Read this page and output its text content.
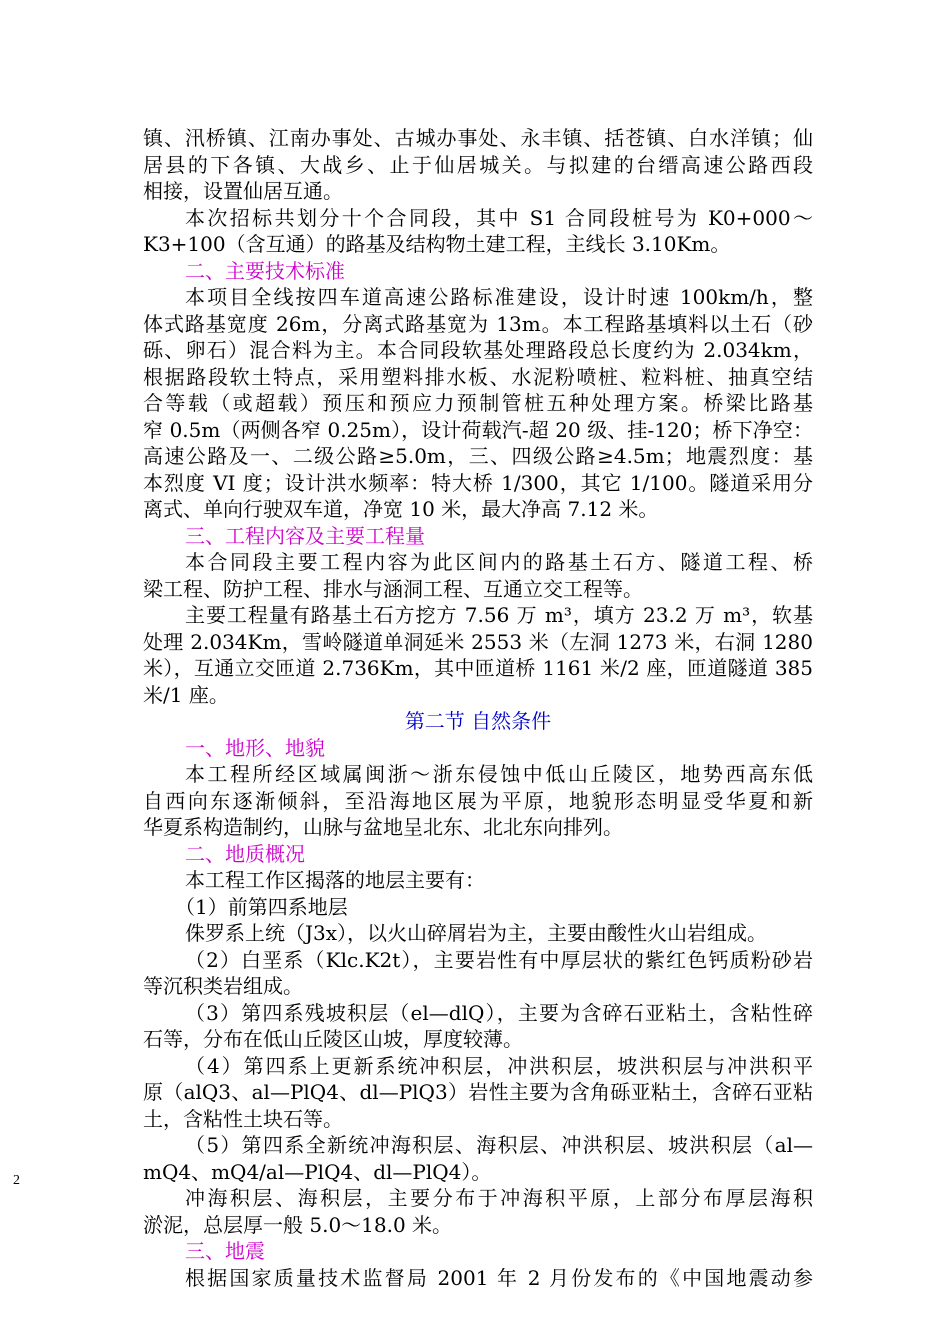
镇、汛桥镇、江南办事处、古城办事处、永丰镇、括苍镇、白水洋镇；仙
居县的下各镇、大战乡、止于仙居城关。与拟建的台缙高速公路西段
相接，设置仙居互通。
本次招标共划分十个合同段，其中 S1 合同段桩号为 K0+000～
K3+100（含互通）的路基及结构物土建工程，主线长 3.10Km。
二、主要技术标准
本项目全线按四车道高速公路标准建设，设计时速 100km/h，整
体式路基宽度 26m，分离式路基宽为 13m。本工程路基填料以土石（砂
砾、卵石）混合料为主。本合同段软基处理路段总长度约为 2.034km，
根据路段软土特点，采用塑料排水板、水泥粉喷桩、粒料桩、抽真空结
合等载（或超载）预压和预应力预制管桩五种处理方案。桥梁比路基
窄 0.5m（两侧各窄 0.25m），设计荷载汽-超 20 级、挂-120；桥下净空：
高速公路及一、二级公路≥5.0m，三、四级公路≥4.5m；地震烈度：基
本烈度 VI 度；设计洪水频率：特大桥 1/300，其它 1/100。隧道采用分
离式、单向行驶双车道，净宽 10 米，最大净高 7.12 米。
三、工程内容及主要工程量
本合同段主要工程内容为此区间内的路基土石方、隧道工程、桥
梁工程、防护工程、排水与涵洞工程、互通立交工程等。
主要工程量有路基土石方挖方 7.56 万 m³，填方 23.2 万 m³，软基
处理 2.034Km，雪岭隧道单洞延米 2553 米（左洞 1273 米，右洞 1280
米），互通立交匝道 2.736Km，其中匝道桥 1161 米/2 座，匝道隧道 385
米/1 座。
第二节 自然条件
一、地形、地貌
本工程所经区域属闽浙～浙东侵蚀中低山丘陵区，地势西高东低
自西向东逐渐倾斜，至沿海地区展为平原，地貌形态明显受华夏和新
华夏系构造制约，山脉与盆地呈北东、北北东向排列。
二、地质概况
本工程工作区揭落的地层主要有：
（1）前第四系地层
侏罗系上统（J3x），以火山碎屑岩为主，主要由酸性火山岩组成。
（2）白垩系（Klc.K2t），主要岩性有中厚层状的紫红色钙质粉砂岩
等沉积类岩组成。
（3）第四系残坡积层（el—dlQ），主要为含碎石亚粘土，含粘性碎
石等，分布在低山丘陵区山坡，厚度较薄。
（4）第四系上更新系统冲积层，冲洪积层，坡洪积层与冲洪积平
原（alQ3、al—PlQ4、dl—PlQ3）岩性主要为含角砾亚粘土，含碎石亚粘
土，含粘性土块石等。
（5）第四系全新统冲海积层、海积层、冲洪积层、坡洪积层（al—
mQ4、mQ4/al—PlQ4、dl—PlQ4）。
冲海积层、海积层，主要分布于冲海积平原，上部分布厚层海积
淤泥，总层厚一般 5.0～18.0 米。
三、地震
根据国家质量技术监督局 2001 年 2 月份发布的《中国地震动参
2
